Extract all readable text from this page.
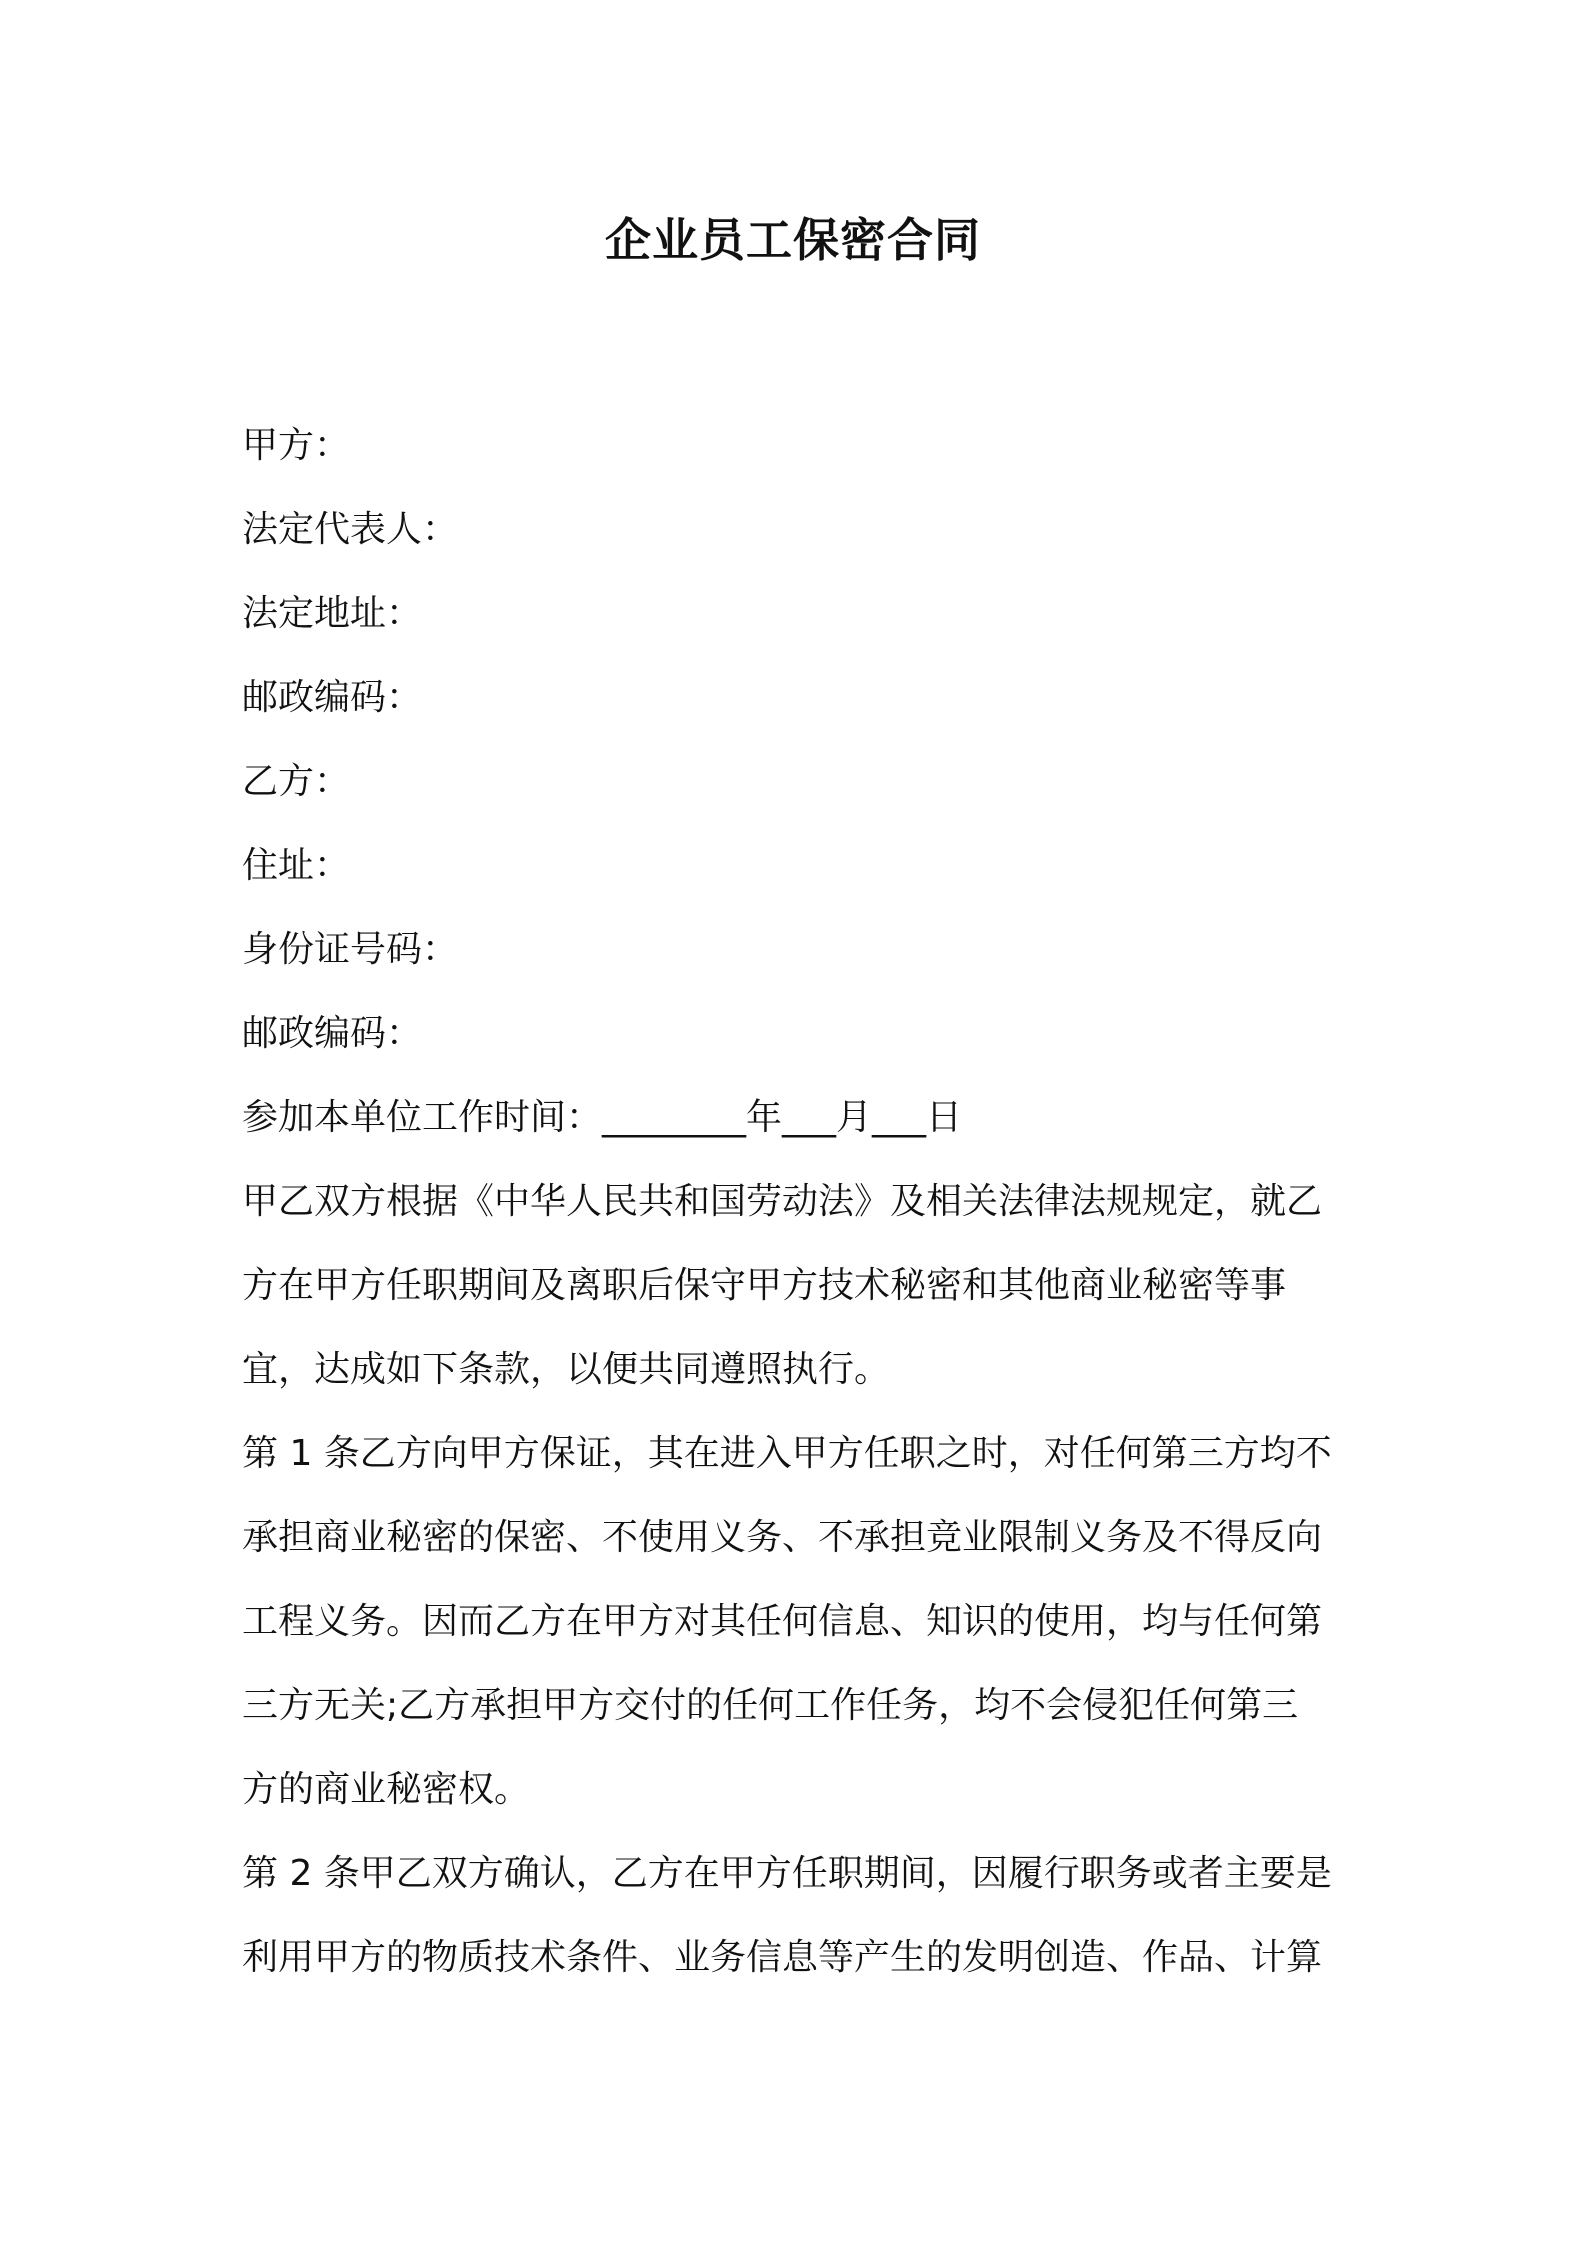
企业员工保密合同
甲方：
法定代表人：
法定地址：
邮政编码：
乙方：
住址：
身份证号码：
邮政编码：
参加本单位工作时间：________年___月___日
甲乙双方根据《中华人民共和国劳动法》及相关法律法规规定，就乙
方在甲方任职期间及离职后保守甲方技术秘密和其他商业秘密等事
宜，达成如下条款，以便共同遵照执行。
第 1 条乙方向甲方保证，其在进入甲方任职之时，对任何第三方均不
承担商业秘密的保密、不使用义务、不承担竞业限制义务及不得反向
工程义务。因而乙方在甲方对其任何信息、知识的使用，均与任何第
三方无关;乙方承担甲方交付的任何工作任务，均不会侵犯任何第三
方的商业秘密权。
第 2 条甲乙双方确认，乙方在甲方任职期间，因履行职务或者主要是
利用甲方的物质技术条件、业务信息等产生的发明创造、作品、计算
